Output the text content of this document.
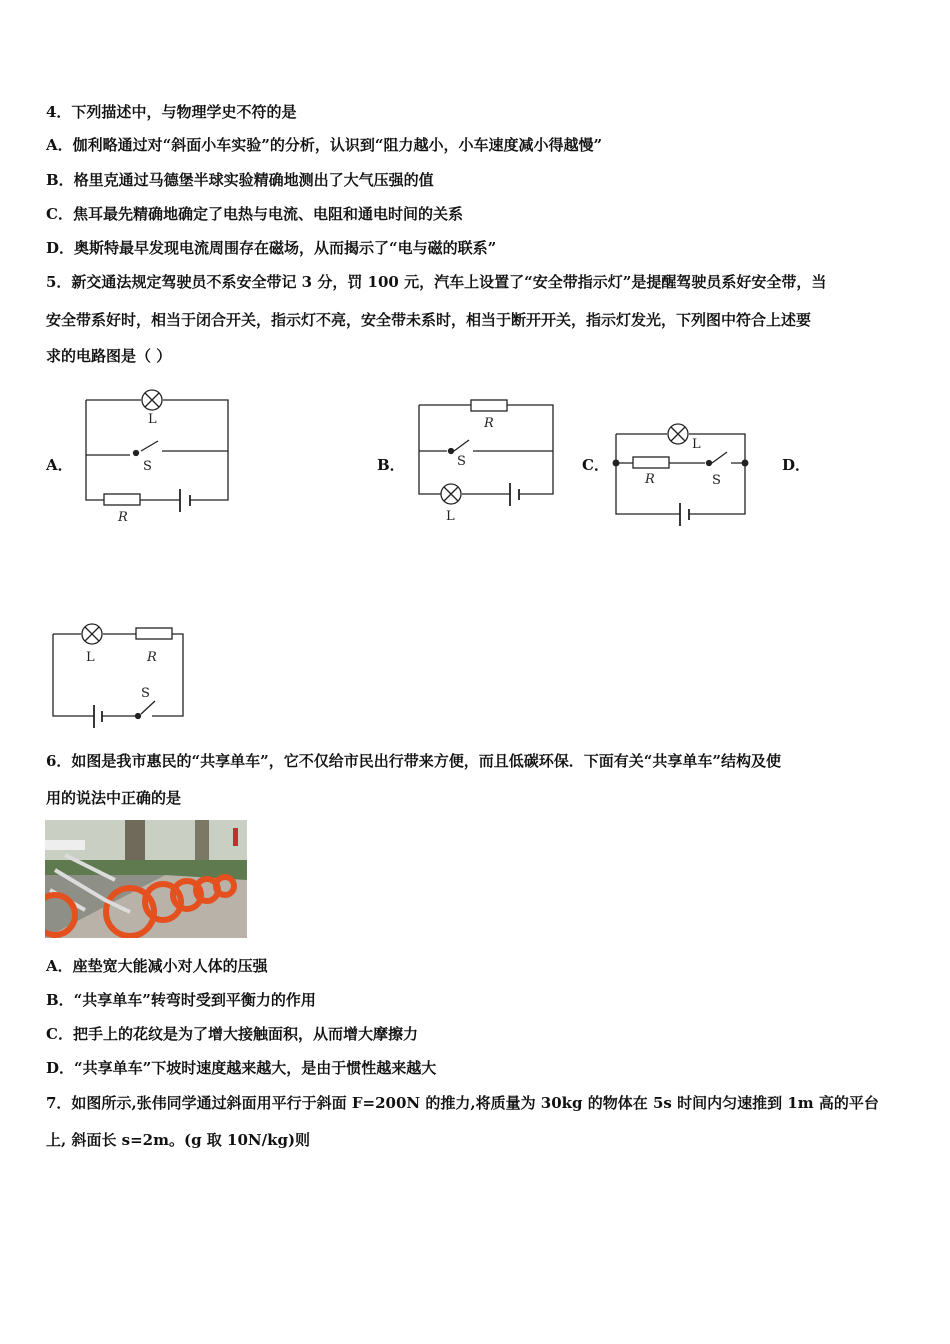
4．下列描述中，与物理学史不符的是
A．伽利略通过对“斜面小车实验”的分析，认识到“阻力越小，小车速度减小得越慢”
B．格里克通过马德堡半球实验精确地测出了大气压强的值
C．焦耳最先精确地确定了电热与电流、电阻和通电时间的关系
D．奥斯特最早发现电流周围存在磁场，从而揭示了“电与磁的联系”
5．新交通法规定驾驶员不系安全带记 3 分，罚 100 元，汽车上设置了“安全带指示灯”是提醒驾驶员系好安全带，当
安全带系好时，相当于闭合开关，指示灯不亮，安全带未系时，相当于断开开关，指示灯发光，下列图中符合上述要
求的电路图是（ ）
A．	B．	C．	D．
L
S
R
R
S
L
L
R	S
L	R
S
6．如图是我市惠民的“共享单车”，它不仅给市民出行带来方便，而且低碳环保．下面有关“共享单车”结构及使
用的说法中正确的是
A．座垫宽大能减小对人体的压强
B．“共享单车”转弯时受到平衡力的作用
C．把手上的花纹是为了增大接触面积，从而增大摩擦力
D．“共享单车”下坡时速度越来越大，是由于惯性越来越大
7．如图所示,张伟同学通过斜面用平行于斜面 F=200N 的推力,将质量为 30kg 的物体在 5s 时间内匀速推到 1m 高的平台
上, 斜面长 s=2m。(g 取 10N/kg)则
